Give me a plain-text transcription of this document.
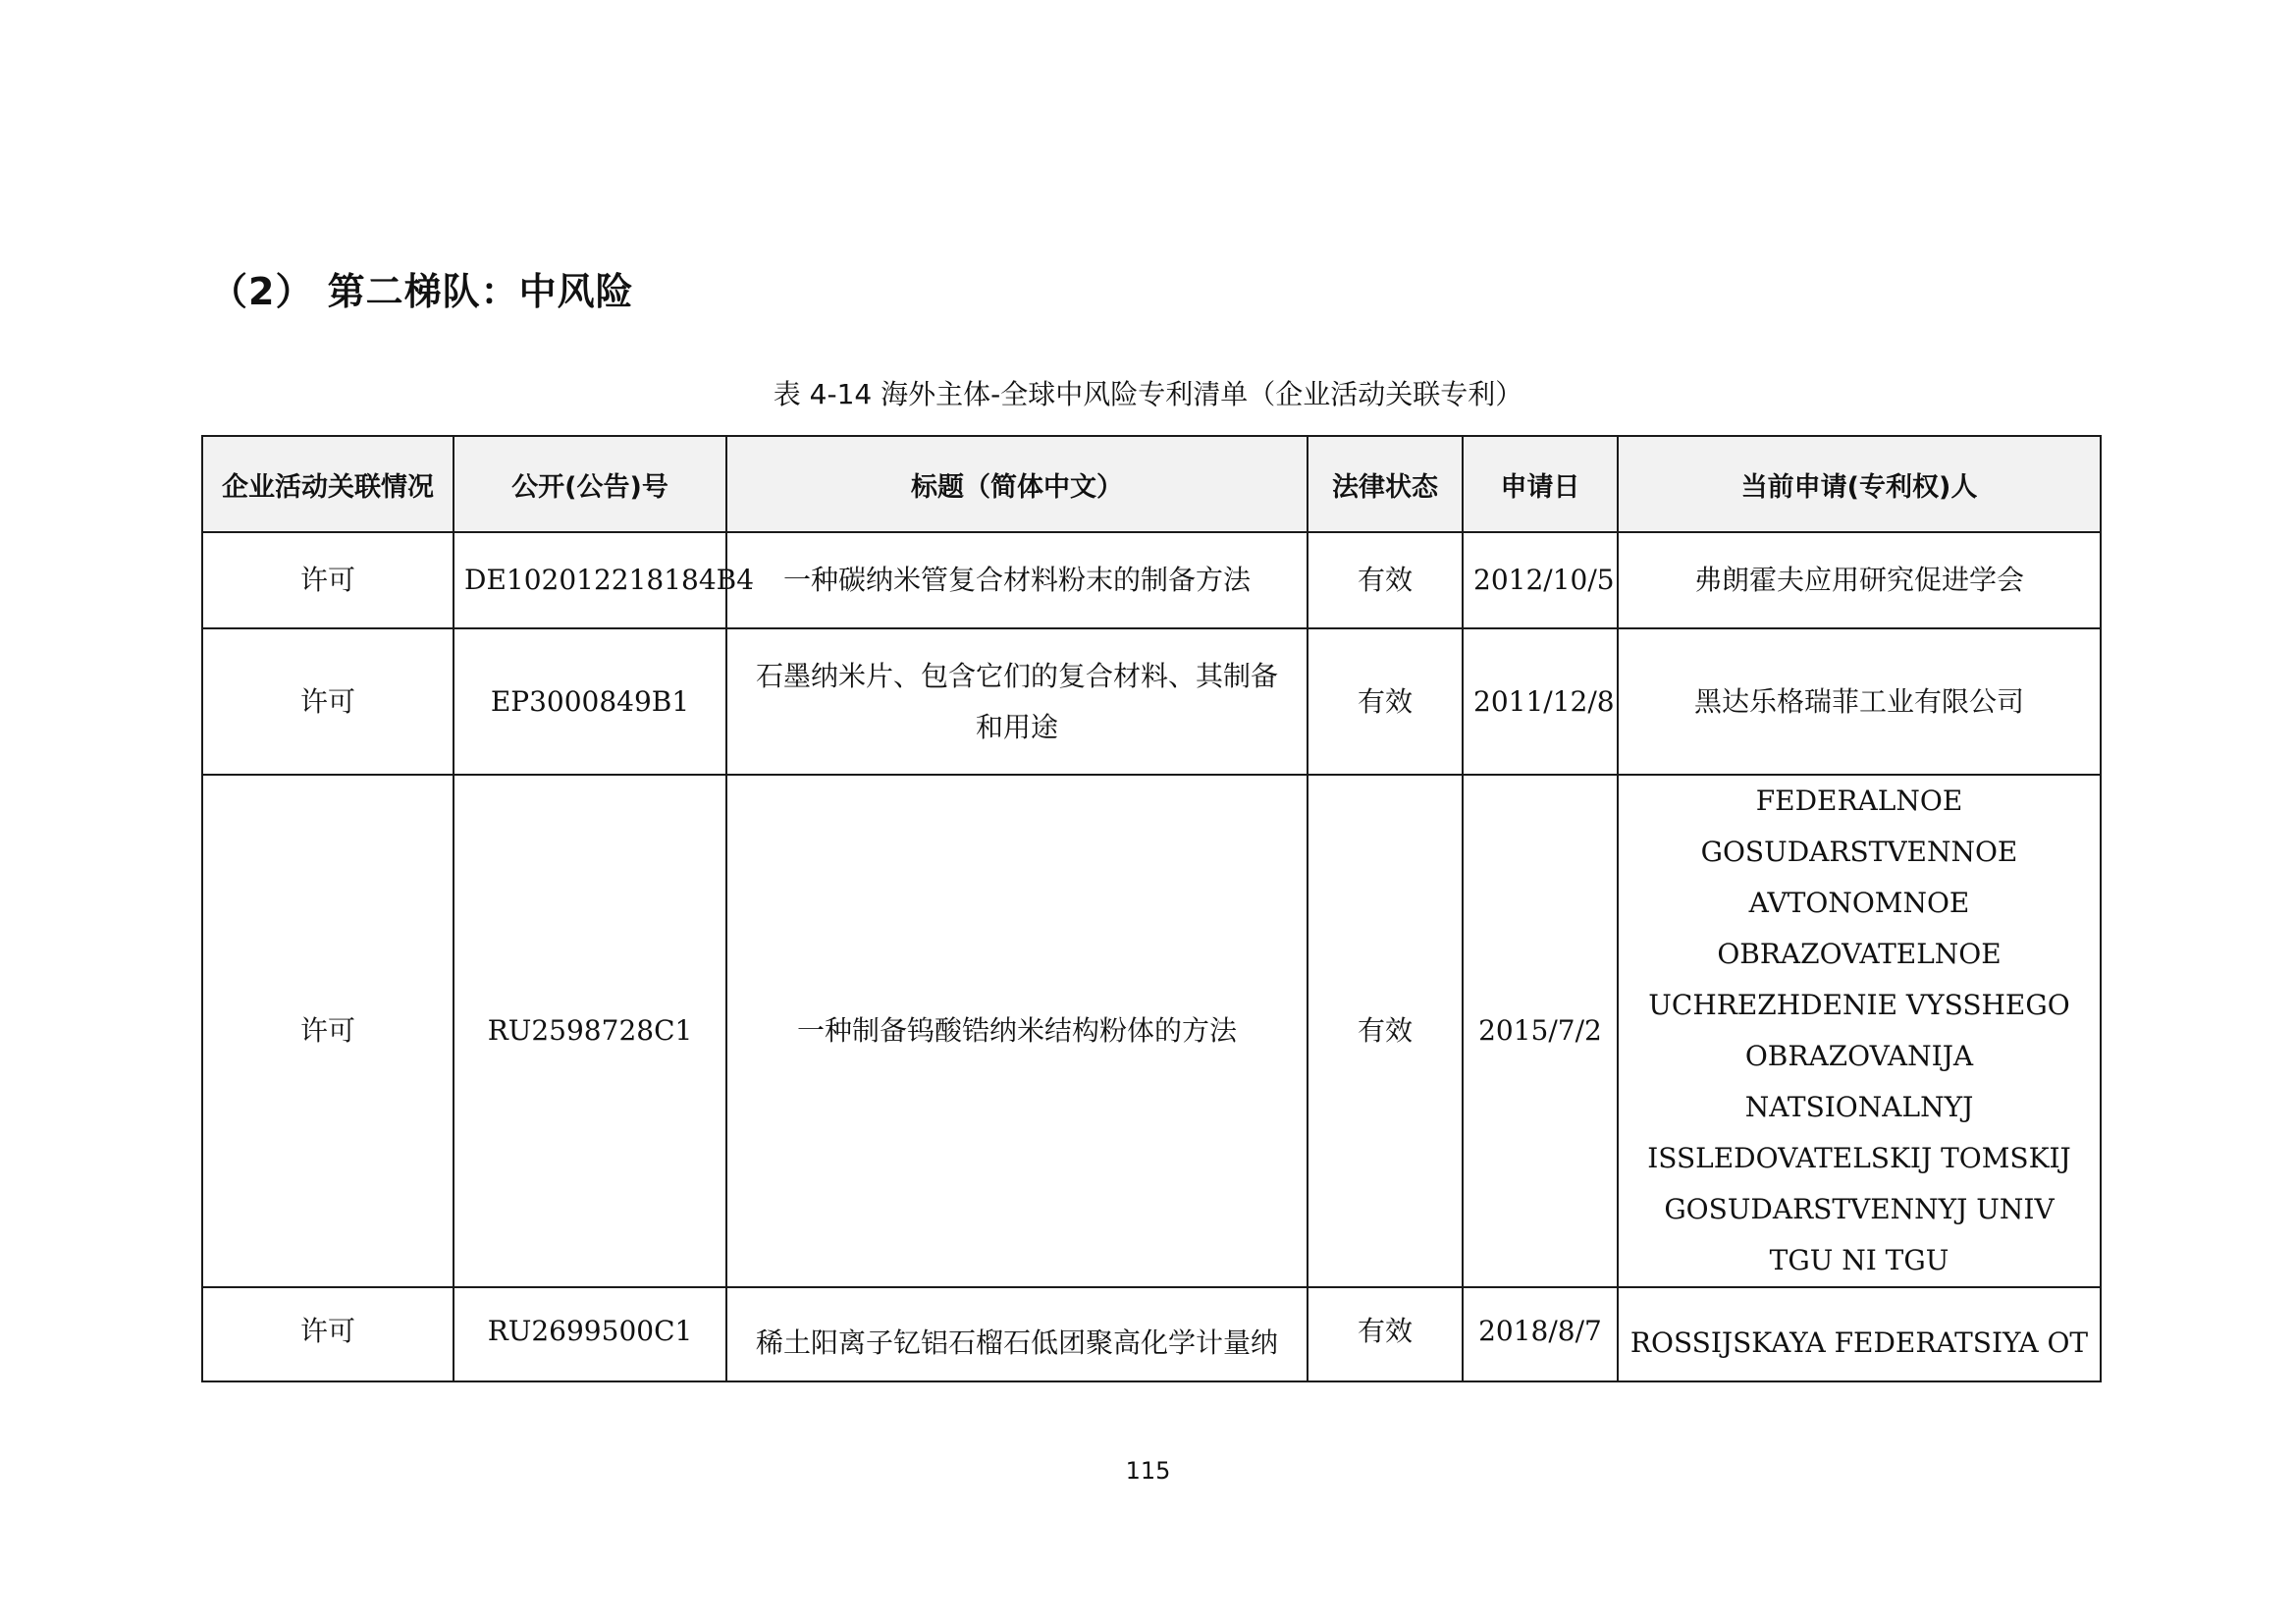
（2） 第二梯队：中风险
表 4-14 海外主体-全球中风险专利清单（企业活动关联专利）
企业活动关联情况	公开(公告)号	标题（简体中文）	法律状态	申请日	当前申请(专利权)人
许可	DE102012218184B4	一种碳纳米管复合材料粉末的制备方法	有效	2012/10/5	弗朗霍夫应用研究促进学会
许可	EP3000849B1	石墨纳米片、包含它们的复合材料、其制备和用途	有效	2011/12/8	黑达乐格瑞菲工业有限公司
许可	RU2598728C1	一种制备钨酸锆纳米结构粉体的方法	有效	2015/7/2	FEDERALNOE GOSUDARSTVENNOE AVTONOMNOE OBRAZOVATELNOE UCHREZHDENIE VYSSHEGO OBRAZOVANIJA NATSIONALNYJ ISSLEDOVATELSKIJ TOMSKIJ GOSUDARSTVENNYJ UNIV TGU NI TGU

许可	RU2699500C1	稀土阳离子钇铝石榴石低团聚高化学计量纳	有效	2018/8/7	ROSSIJSKAYA FEDERATSIYA OT
115
